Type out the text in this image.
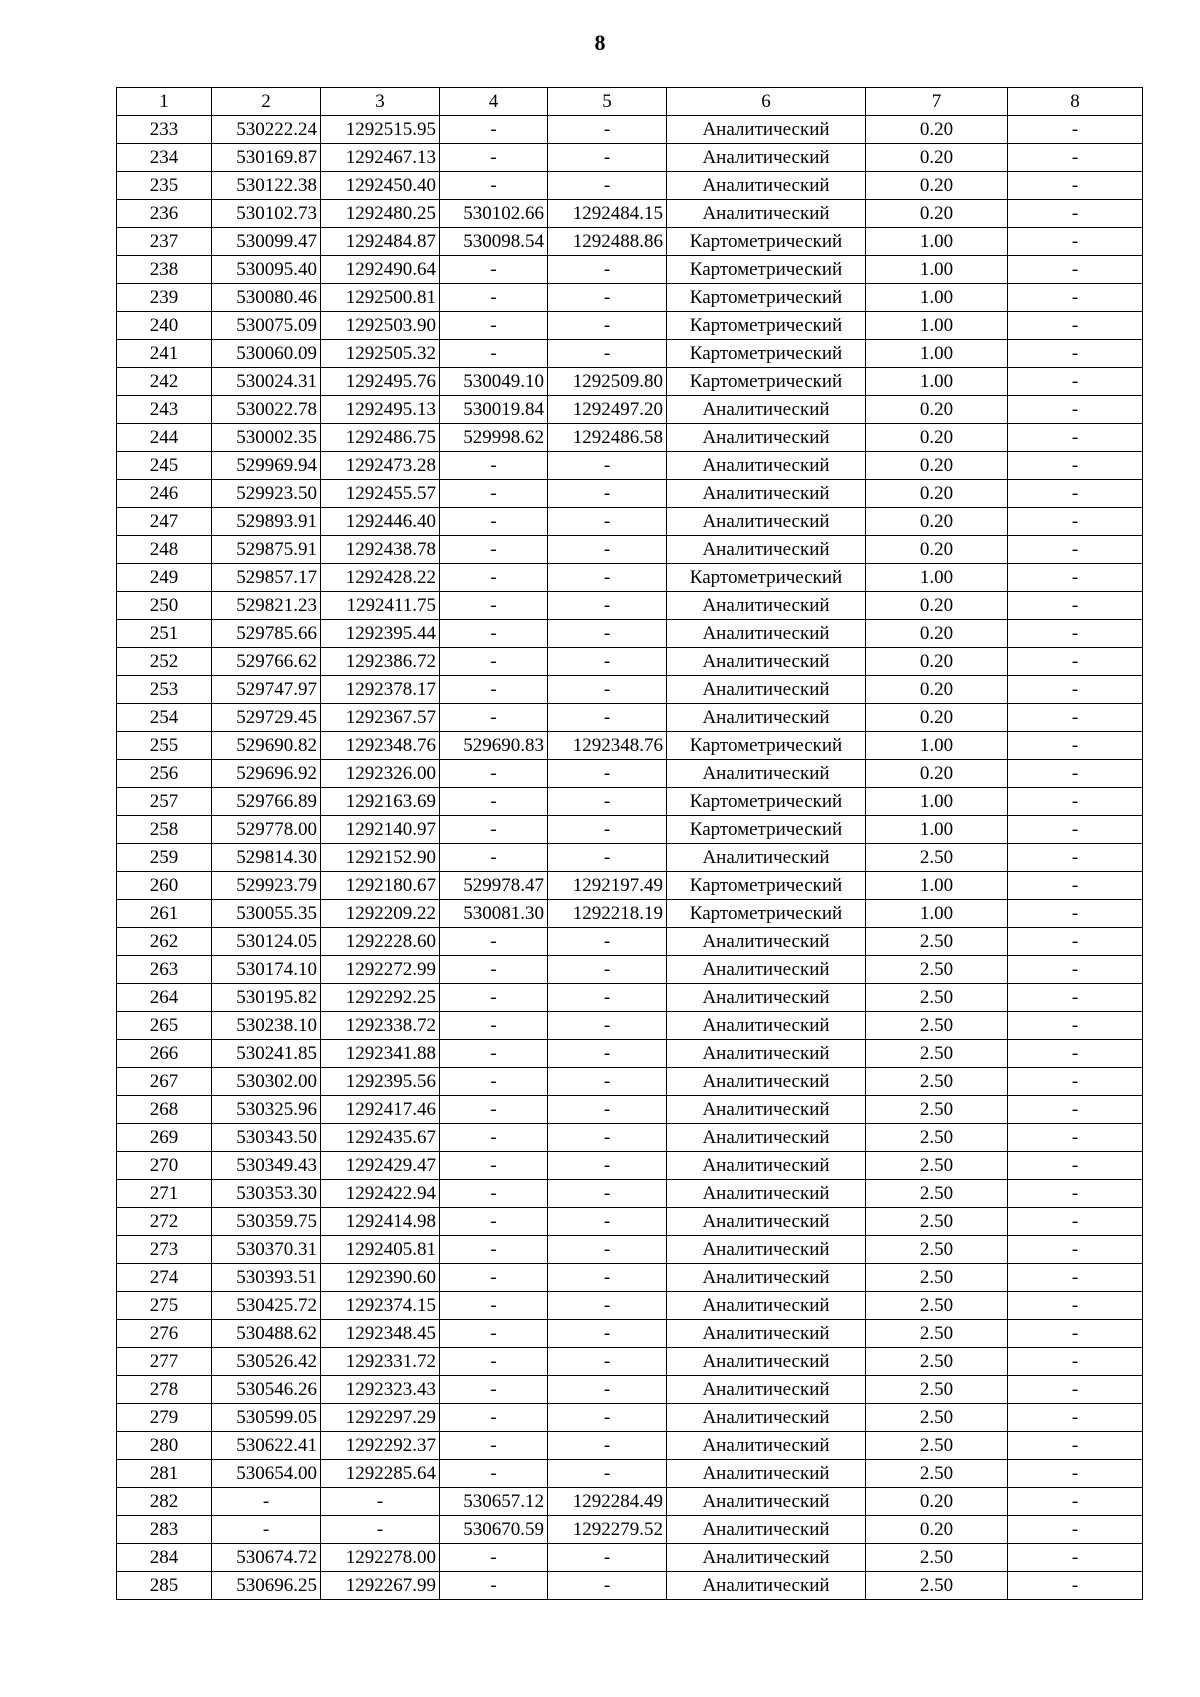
8
1	2	3	4	5	6	7	8
233	530222.24	1292515.95	-	-	Аналитический	0.20	-
234	530169.87	1292467.13	-	-	Аналитический	0.20	-
235	530122.38	1292450.40	-	-	Аналитический	0.20	-
236	530102.73	1292480.25	530102.66	1292484.15	Аналитический	0.20	-
237	530099.47	1292484.87	530098.54	1292488.86	Картометрический	1.00	-
238	530095.40	1292490.64	-	-	Картометрический	1.00	-
239	530080.46	1292500.81	-	-	Картометрический	1.00	-
240	530075.09	1292503.90	-	-	Картометрический	1.00	-
241	530060.09	1292505.32	-	-	Картометрический	1.00	-
242	530024.31	1292495.76	530049.10	1292509.80	Картометрический	1.00	-
243	530022.78	1292495.13	530019.84	1292497.20	Аналитический	0.20	-
244	530002.35	1292486.75	529998.62	1292486.58	Аналитический	0.20	-
245	529969.94	1292473.28	-	-	Аналитический	0.20	-
246	529923.50	1292455.57	-	-	Аналитический	0.20	-
247	529893.91	1292446.40	-	-	Аналитический	0.20	-
248	529875.91	1292438.78	-	-	Аналитический	0.20	-
249	529857.17	1292428.22	-	-	Картометрический	1.00	-
250	529821.23	1292411.75	-	-	Аналитический	0.20	-
251	529785.66	1292395.44	-	-	Аналитический	0.20	-
252	529766.62	1292386.72	-	-	Аналитический	0.20	-
253	529747.97	1292378.17	-	-	Аналитический	0.20	-
254	529729.45	1292367.57	-	-	Аналитический	0.20	-
255	529690.82	1292348.76	529690.83	1292348.76	Картометрический	1.00	-
256	529696.92	1292326.00	-	-	Аналитический	0.20	-
257	529766.89	1292163.69	-	-	Картометрический	1.00	-
258	529778.00	1292140.97	-	-	Картометрический	1.00	-
259	529814.30	1292152.90	-	-	Аналитический	2.50	-
260	529923.79	1292180.67	529978.47	1292197.49	Картометрический	1.00	-
261	530055.35	1292209.22	530081.30	1292218.19	Картометрический	1.00	-
262	530124.05	1292228.60	-	-	Аналитический	2.50	-
263	530174.10	1292272.99	-	-	Аналитический	2.50	-
264	530195.82	1292292.25	-	-	Аналитический	2.50	-
265	530238.10	1292338.72	-	-	Аналитический	2.50	-
266	530241.85	1292341.88	-	-	Аналитический	2.50	-
267	530302.00	1292395.56	-	-	Аналитический	2.50	-
268	530325.96	1292417.46	-	-	Аналитический	2.50	-
269	530343.50	1292435.67	-	-	Аналитический	2.50	-
270	530349.43	1292429.47	-	-	Аналитический	2.50	-
271	530353.30	1292422.94	-	-	Аналитический	2.50	-
272	530359.75	1292414.98	-	-	Аналитический	2.50	-
273	530370.31	1292405.81	-	-	Аналитический	2.50	-
274	530393.51	1292390.60	-	-	Аналитический	2.50	-
275	530425.72	1292374.15	-	-	Аналитический	2.50	-
276	530488.62	1292348.45	-	-	Аналитический	2.50	-
277	530526.42	1292331.72	-	-	Аналитический	2.50	-
278	530546.26	1292323.43	-	-	Аналитический	2.50	-
279	530599.05	1292297.29	-	-	Аналитический	2.50	-
280	530622.41	1292292.37	-	-	Аналитический	2.50	-
281	530654.00	1292285.64	-	-	Аналитический	2.50	-
282	-	-	530657.12	1292284.49	Аналитический	0.20	-
283	-	-	530670.59	1292279.52	Аналитический	0.20	-
284	530674.72	1292278.00	-	-	Аналитический	2.50	-
285	530696.25	1292267.99	-	-	Аналитический	2.50	-
